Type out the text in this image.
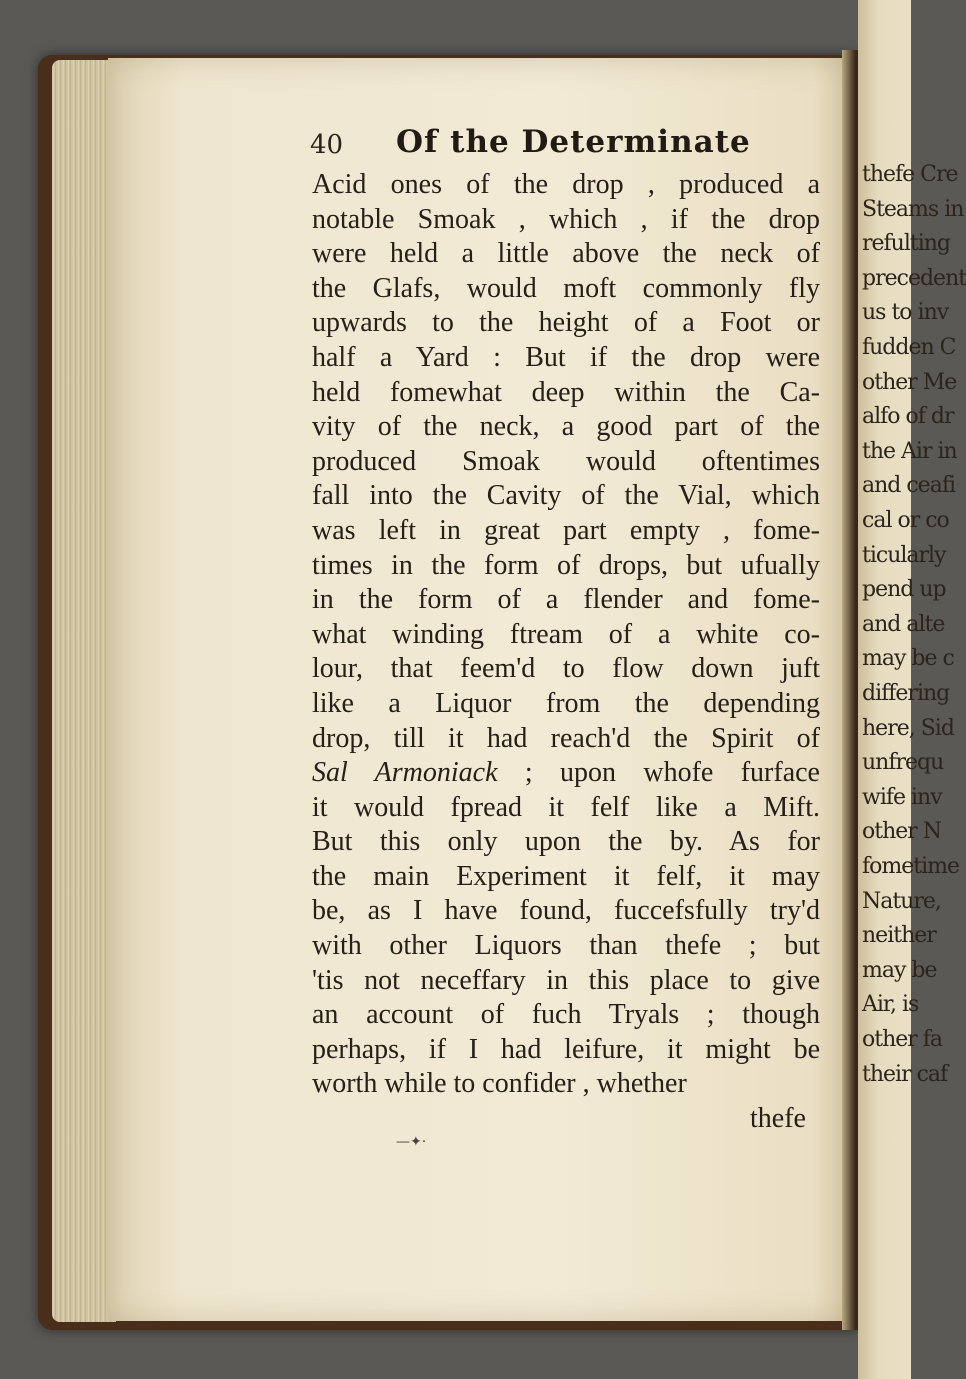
thefe Cre
Steams in
refulting
precedent
us to inv
fudden C
other Me
alfo of dr
the Air in
and ceafi
cal or co
ticularly
pend up
and alte
may be c
differing
here, Sid
unfrequ
wife inv
other N
fometime
Nature,
neither
may be
Air, is
other fa
their caf
40 Of the Determinate
Acid ones of the drop , produced a
notable Smoak , which , if the drop
were held a little above the neck of
the Glafs, would moft commonly fly
upwards to the height of a Foot or
half a Yard : But if the drop were
held fomewhat deep within the Ca-
vity of the neck, a good part of the
produced Smoak would oftentimes
fall into the Cavity of the Vial, which
was left in great part empty , fome-
times in the form of drops, but ufually
in the form of a flender and fome-
what winding ftream of a white co-
lour, that feem'd to flow down juft
like a Liquor from the depending
drop, till it had reach'd the Spirit of
Sal Armoniack ; upon whofe furface
it would fpread it felf like a Mift.
But this only upon the by. As for
the main Experiment it felf, it may
be, as I have found, fuccefsfully try'd
with other Liquors than thefe ; but
'tis not neceffary in this place to give
an account of fuch Tryals ; though
perhaps, if I had leifure, it might be
worth while to confider , whether
thefe
—✦·
